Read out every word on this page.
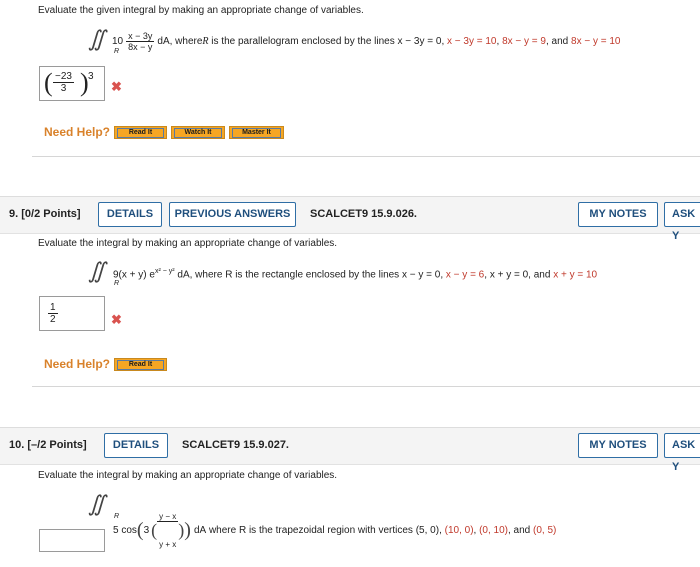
Evaluate the given integral by making an appropriate change of variables.
∬
R
$10 \frac{x - 3y}{8x - y}$ dA , where R is the parallelogram enclosed by the lines x − 3y = 0 , x − 3y = 10 , 8x − y = 9 , and 8x − y = 10
( $\frac{-23}{3}$ ) 3
✖
Need Help?	Read It	Watch It	Master It
9. [0/2 Points]	DETAILS	PREVIOUS ANSWERS	SCALCET9 15.9.026.	MY NOTES	ASK Y
Evaluate the integral by making an appropriate change of variables.
∬
R
9(x + y) $e^{x^2 - y^2}$ dA, where R is the rectangle enclosed by the lines x − y = 0, x − y = 6, x + y = 0, and x + y = 10
$\frac{1}{2}$	✖
Need Help?	Read It
10. [–/2 Points]	DETAILS	SCALCET9 15.9.027.	MY NOTES	ASK Y
Evaluate the integral by making an appropriate change of variables.
∬
R
5 cos ( 3 (

$\frac{y - x}{y + x}$

) ) dA where R is the trapezoidal region with vertices (5, 0) , (10, 0) , (0, 10) , and (0, 5)
